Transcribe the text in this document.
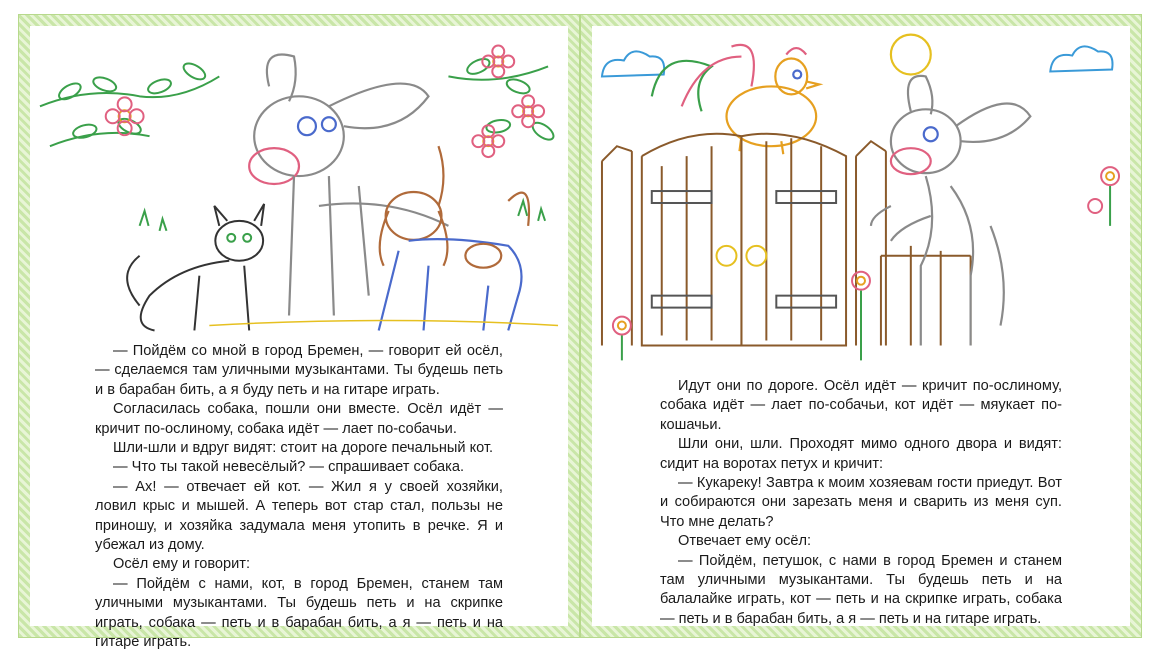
— Пойдём со мной в город Бремен, — говорит ей осёл, — сделаемся там уличными музыкантами. Ты будешь петь и в барабан бить, а я буду петь и на гитаре играть.

Согласилась собака, пошли они вместе. Осёл идёт — кричит по-ослиному, собака идёт — лает по-собачьи.

Шли-шли и вдруг видят: стоит на дороге печальный кот.

— Что ты такой невесёлый? — спрашивает собака.

— Ах! — отвечает ей кот. — Жил я у своей хозяйки, ловил крыс и мышей. А теперь вот стар стал, пользы не приношу, и хозяйка задумала меня утопить в речке. Я и убежал из дому.

Осёл ему и говорит:

— Пойдём с нами, кот, в город Бремен, станем там уличными музыкантами. Ты будешь петь и на скрипке играть, собака — петь и в барабан бить, а я — петь и на гитаре играть.

Идут они по дороге. Осёл идёт — кричит по-ослиному, собака идёт — лает по-собачьи, кот идёт — мяукает по-кошачьи.

Шли они, шли. Проходят мимо одного двора и видят: сидит на воротах петух и кричит:

— Кукареку! Завтра к моим хозяевам гости приедут. Вот и собираются они зарезать меня и сварить из меня суп. Что мне делать?

Отвечает ему осёл:

— Пойдём, петушок, с нами в город Бремен и станем там уличными музыкантами. Ты будешь петь и на балалайке играть, кот — петь и на скрипке играть, собака — петь и в барабан бить, а я — петь и на гитаре играть.
